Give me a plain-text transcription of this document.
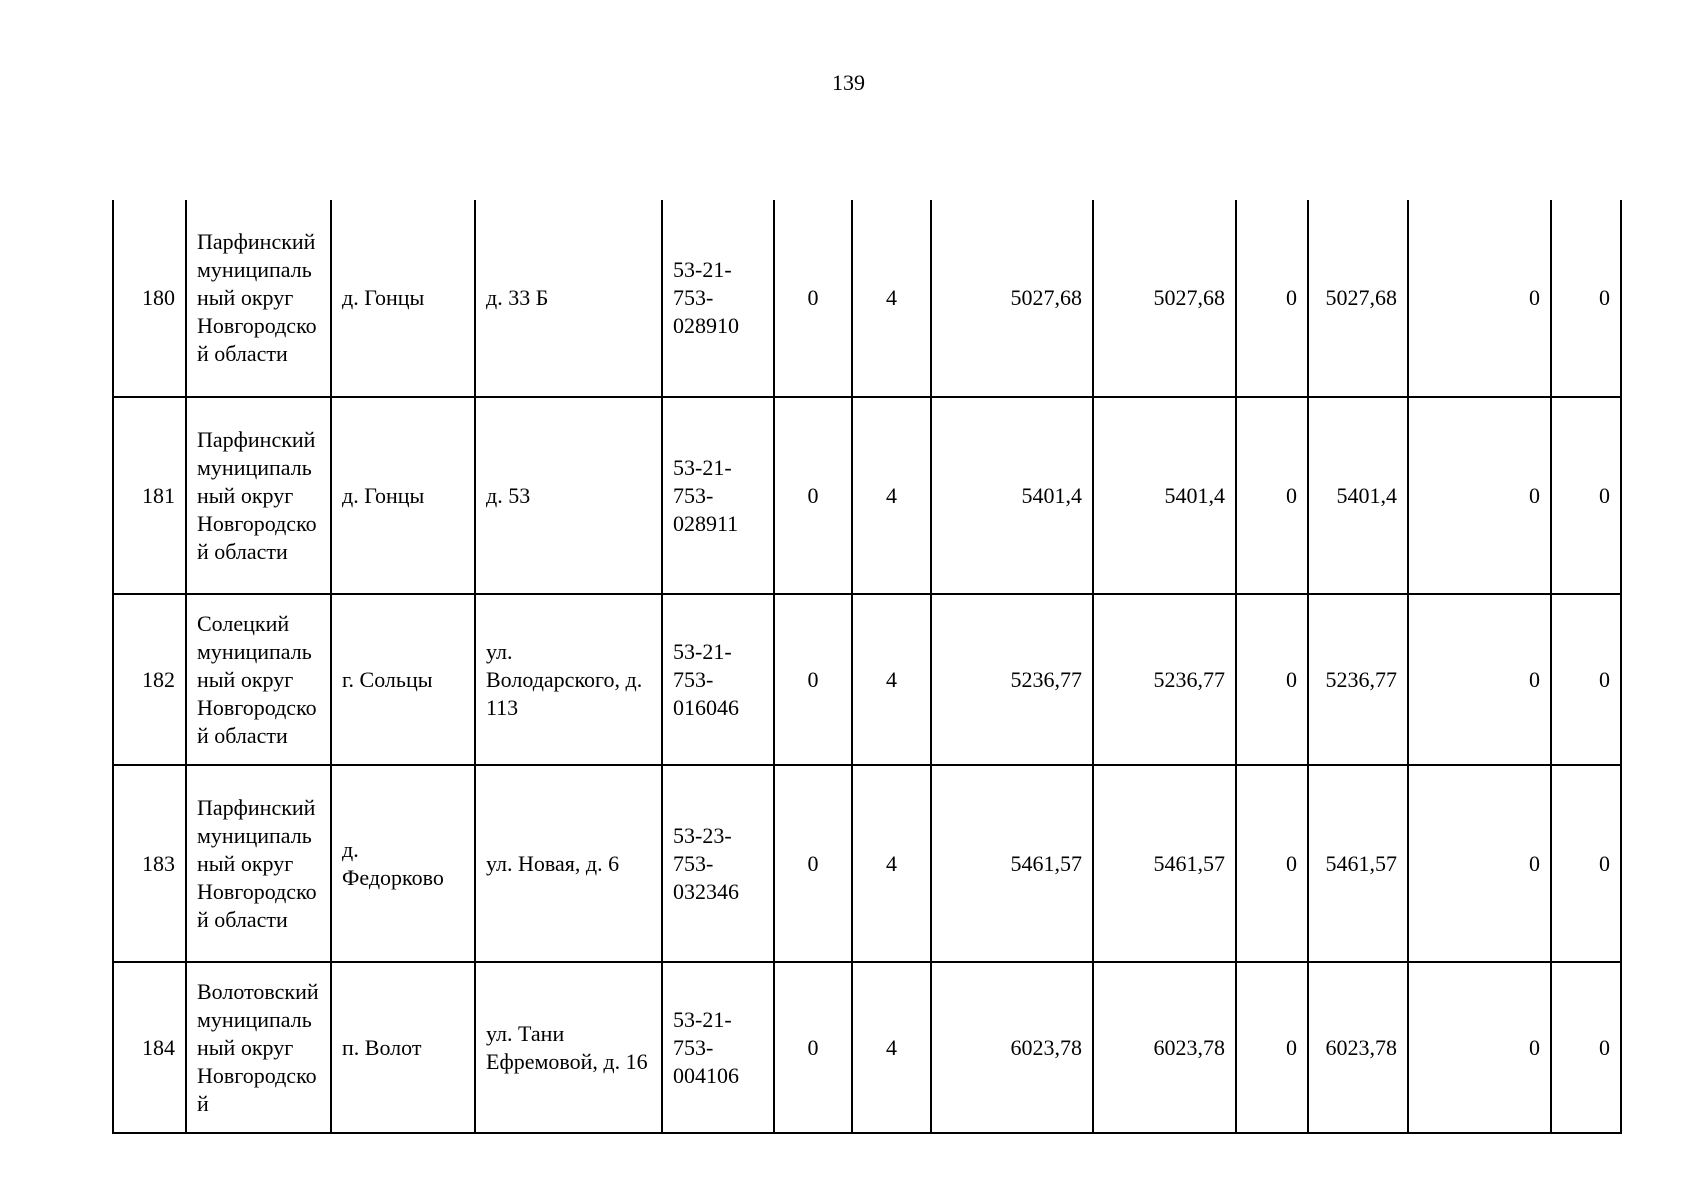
139
180	Парфинский муниципальный округ Новгородской области	д. Гонцы	д. 33 Б	53-21-753-028910	0	4	5027,68	5027,68	0	5027,68	0	0
181	Парфинский муниципальный округ Новгородской области	д. Гонцы	д. 53	53-21-753-028911	0	4	5401,4	5401,4	0	5401,4	0	0
182	Солецкий муниципальный округ Новгородской области	г. Сольцы	ул. Володарского, д. 113	53-21-753-016046	0	4	5236,77	5236,77	0	5236,77	0	0
183	Парфинский муниципальный округ Новгородской области	д. Федорково	ул. Новая, д. 6	53-23-753-032346	0	4	5461,57	5461,57	0	5461,57	0	0
184	Волотовский муниципальный округ Новгородской	п. Волот	ул. Тани Ефремовой, д. 16	53-21-753-004106	0	4	6023,78	6023,78	0	6023,78	0	0
